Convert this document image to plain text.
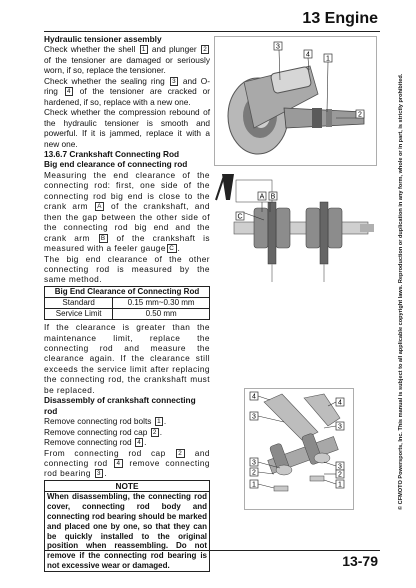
13 Engine
Hydraulic tensioner assembly
Check whether the shell 1 and plunger 2 of the tensioner are damaged or seriously worn, if so, replace the tensioner.
Check whether the sealing ring 3 and O-ring 4 of the tensioner are cracked or hardened, if so, replace with a new one.
Check whether the compression rebound of the hydraulic tensioner is smooth and powerful. If it is jammed, replace it with a new one.
13.6.7 Crankshaft Connecting Rod
Big end clearance of connecting rod
Measuring the end clearance of the connecting rod: first, one side of the connecting rod big end is close to the crank arm A of the crankshaft, and then the gap between the other side of the connecting rod big end and the crank arm B of the crankshaft is measured with a feeler gauge C .
The big end clearance of the other connecting rod is measured by the same method.
Big End Clearance of Connecting Rod	
Standard	0.15 mm~0.30 mm
Service Limit	0.50 mm
If the clearance is greater than the maintenance limit, replace the connecting rod and measure the clearance again. If the clearance still exceeds the service limit after replacing the connecting rod, the crankshaft must be replaced.
Disassembly of crankshaft connecting rod
Remove connecting rod bolts 1 .
Remove connecting rod cap 2 .
Remove connecting rod 4 .
From connecting rod cap 2 and connecting rod 4 remove connecting rod bearing 3 .
NOTE
When disassembling, the connecting rod cover, connecting rod body and connecting rod bearing should be marked and placed one by one, so that they can be quickly installed to the original position when reassembling. Do not remove if the connecting rod bearing is not excessive wear or damaged.
3
4
1
2
A B
C
4
4
3
3
3
3
2	2
1	1	© CFMOTO Powersports, Inc. This manual is subject to all applicable copyright laws. Reproduction or duplication in any form, whole or in part, is strictly prohibited.
13-79
